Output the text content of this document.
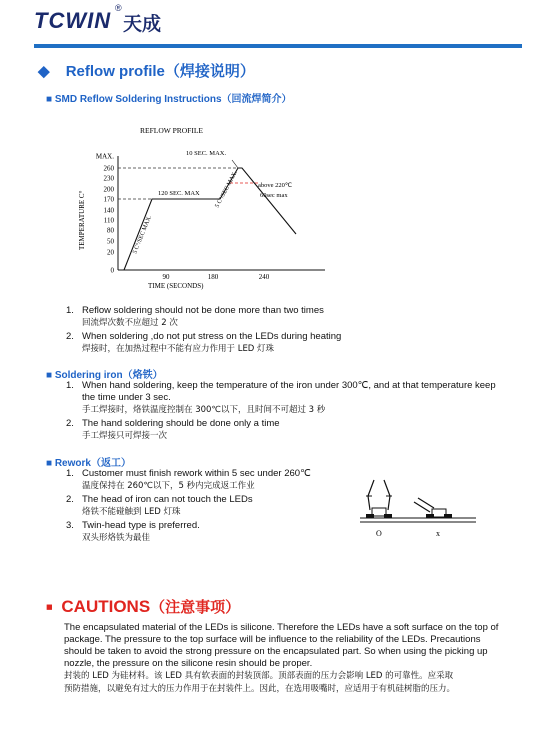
TCWIN ®
天成
◆ Reflow profile（焊接说明）
■ SMD Reflow Soldering Instructions（回流焊简介）
REFLOW PROFILE
TEMPERATURE C°
TIME (SECONDS)
MAX.
260
230
200
170
140
110
80
50
20
0
90	180	240
10 SEC. MAX.
120 SEC. MAX
5 C°/SEC MAX.
5 C°/SEC MAX.	above 220℃
60sec max
1. Reflow soldering should not be done more than two times
回流焊次数不应超过 2 次
2. When soldering ,do not put stress on the LEDs during heating
焊接时，在加热过程中不能有应力作用于 LED 灯珠
■ Soldering iron（烙铁）
1. When hand soldering, keep the temperature of the iron under 300℃, and at that temperature keep
the time under 3 sec.
手工焊接时，烙铁温度控制在 300℃以下，且时间不可超过 3 秒
2. The hand soldering should be done only a time
手工焊接只可焊接一次
■ Rework（返工）
1. Customer must finish rework within 5 sec under 260℃
温度保持在 260℃以下，5 秒内完成返工作业
2. The head of iron can not touch the LEDs
烙铁不能碰触到 LED 灯珠
3. Twin-head type is preferred.
双头形烙铁为最佳	O	x
■ CAUTIONS（注意事项）
The encapsulated material of the LEDs is silicone. Therefore the LEDs have a soft surface on the top of
package. The pressure to the top surface will be influence to the reliability of the LEDs. Precautions
should be taken to avoid the strong pressure on the encapsulated part. So when using the picking up
nozzle, the pressure on the silicone resin should be proper.
封装的 LED 为硅材料。该 LED 具有软表面的封装顶部。顶部表面的压力会影响 LED 的可靠性。应采取
预防措施，以避免有过大的压力作用于在封装件上。因此，在选用吸嘴时，应适用于有机硅树脂的压力。
